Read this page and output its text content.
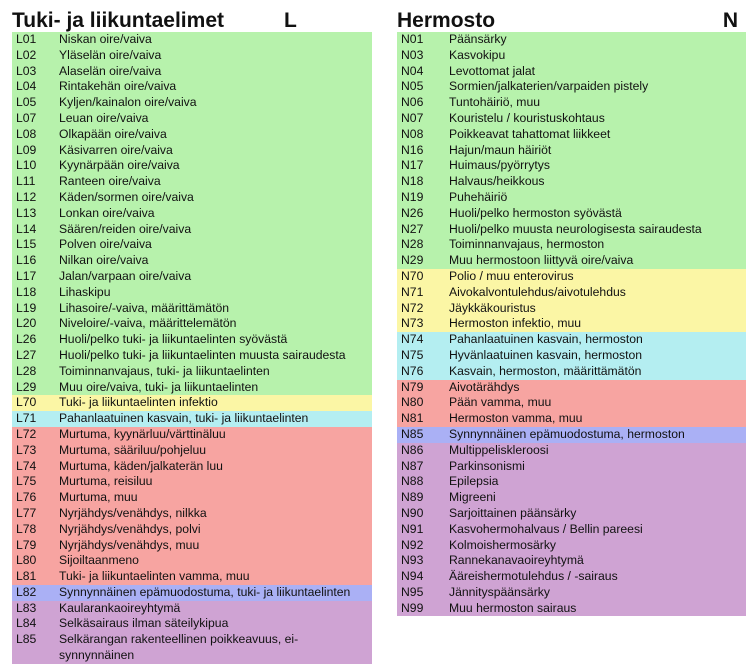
Tuki- ja liikuntaelimet	L
L01	Niskan oire/vaiva
L02	Yläselän oire/vaiva
L03	Alaselän oire/vaiva
L04	Rintakehän oire/vaiva
L05	Kyljen/kainalon oire/vaiva
L07	Leuan oire/vaiva
L08	Olkapään oire/vaiva
L09	Käsivarren oire/vaiva
L10	Kyynärpään oire/vaiva
L11	Ranteen oire/vaiva
L12	Käden/sormen oire/vaiva
L13	Lonkan oire/vaiva
L14	Säären/reiden oire/vaiva
L15	Polven oire/vaiva
L16	Nilkan oire/vaiva
L17	Jalan/varpaan oire/vaiva
L18	Lihaskipu
L19	Lihasoire/-vaiva, määrittämätön
L20	Niveloire/-vaiva, määrittelemätön
L26	Huoli/pelko tuki- ja liikuntaelinten syövästä
L27	Huoli/pelko tuki- ja liikuntaelinten muusta sairaudesta
L28	Toiminnanvajaus, tuki- ja liikuntaelinten
L29	Muu oire/vaiva, tuki- ja liikuntaelinten
L70	Tuki- ja liikuntaelinten infektio
L71	Pahanlaatuinen kasvain, tuki- ja liikuntaelinten
L72	Murtuma, kyynärluu/värttinäluu
L73	Murtuma, sääriluu/pohjeluu
L74	Murtuma, käden/jalkaterän luu
L75	Murtuma, reisiluu
L76	Murtuma, muu
L77	Nyrjähdys/venähdys, nilkka
L78	Nyrjähdys/venähdys, polvi
L79	Nyrjähdys/venähdys, muu
L80	Sijoiltaanmeno
L81	Tuki- ja liikuntaelinten vamma, muu
L82	Synnynnäinen epämuodostuma, tuki- ja liikuntaelinten
L83	Kaularankaoireyhtymä
L84	Selkäsairaus ilman säteilykipua
L85	Selkärangan rakenteellinen poikkeavuus, ei-synnynnäinen
Hermosto	N
N01	Päänsärky
N03	Kasvokipu
N04	Levottomat jalat
N05	Sormien/jalkaterien/varpaiden pistely
N06	Tuntohäiriö, muu
N07	Kouristelu / kouristuskohtaus
N08	Poikkeavat tahattomat liikkeet
N16	Hajun/maun häiriöt
N17	Huimaus/pyörrytys
N18	Halvaus/heikkous
N19	Puhehäiriö
N26	Huoli/pelko hermoston syövästä
N27	Huoli/pelko muusta neurologisesta sairaudesta
N28	Toiminnanvajaus, hermoston
N29	Muu hermostoon liittyvä oire/vaiva
N70	Polio / muu enterovirus
N71	Aivokalvontulehdus/aivotulehdus
N72	Jäykkäkouristus
N73	Hermoston infektio, muu
N74	Pahanlaatuinen kasvain, hermoston
N75	Hyvänlaatuinen kasvain, hermoston
N76	Kasvain, hermoston, määrittämätön
N79	Aivotärähdys
N80	Pään vamma, muu
N81	Hermoston vamma, muu
N85	Synnynnäinen epämuodostuma, hermoston
N86	Multippeliskleroosi
N87	Parkinsonismi
N88	Epilepsia
N89	Migreeni
N90	Sarjoittainen päänsärky
N91	Kasvohermohalvaus / Bellin pareesi
N92	Kolmoishermosärky
N93	Rannekanavaoireyhtymä
N94	Ääreishermotulehdus / -sairaus
N95	Jännityspäänsärky
N99	Muu hermoston sairaus
